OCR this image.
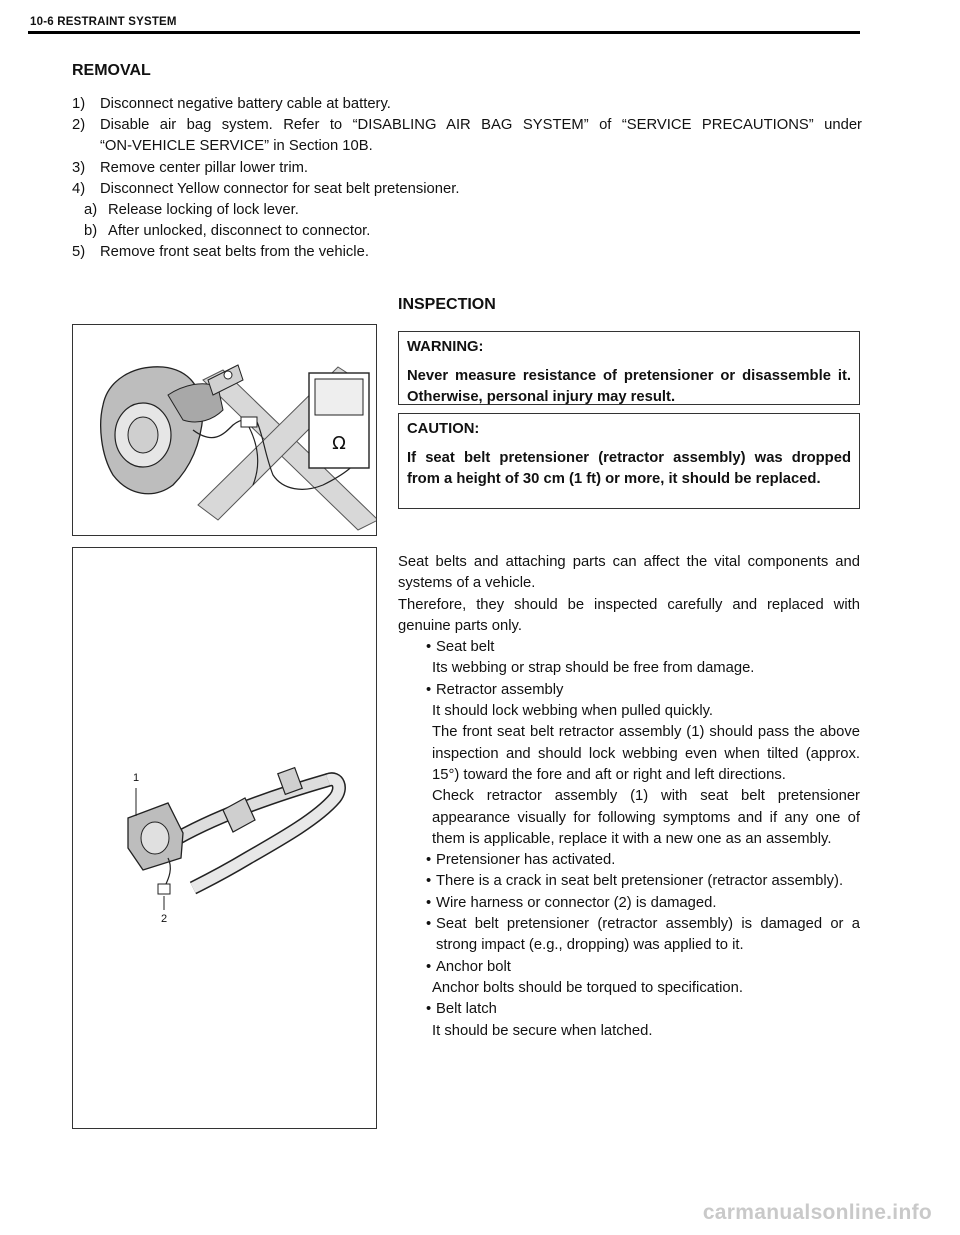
10-6 RESTRAINT SYSTEM
REMOVAL
1)	Disconnect negative battery cable at battery.
2)	Disable air bag system. Refer to “DISABLING AIR BAG SYSTEM” of “SERVICE PRECAUTIONS” under
“ON-VEHICLE SERVICE” in Section 10B.
3)	Remove center pillar lower trim.
4)	Disconnect Yellow connector for seat belt pretensioner.
a) Release locking of lock lever.
b) After unlocked, disconnect to connector.
5)	Remove front seat belts from the vehicle.
INSPECTION
Ω
WARNING:
Never measure resistance of pretensioner or disassemble it. Otherwise, personal injury may result.
CAUTION:
If seat belt pretensioner (retractor assembly) was dropped from a height of 30 cm (1 ft) or more, it should be replaced.
1
2

Seat belts and attaching parts can affect the vital components and systems of a vehicle.

Therefore, they should be inspected carefully and replaced with genuine parts only.

• Seat belt
Its webbing or strap should be free from damage.
• Retractor assembly
It should lock webbing when pulled quickly.
The front seat belt retractor assembly (1) should pass the above inspection and should lock webbing even when tilted (approx. 15°) toward the fore and aft or right and left directions.
Check retractor assembly (1) with seat belt pretensioner appearance visually for following symptoms and if any one of them is applicable, replace it with a new one as an assembly.
• Pretensioner has activated.
• There is a crack in seat belt pretensioner (retractor assembly).
• Wire harness or connector (2) is damaged.
• Seat belt pretensioner (retractor assembly) is damaged or a strong impact (e.g., dropping) was applied to it.
• Anchor bolt
Anchor bolts should be torqued to specification.
• Belt latch
It should be secure when latched.
carmanualsonline.info
